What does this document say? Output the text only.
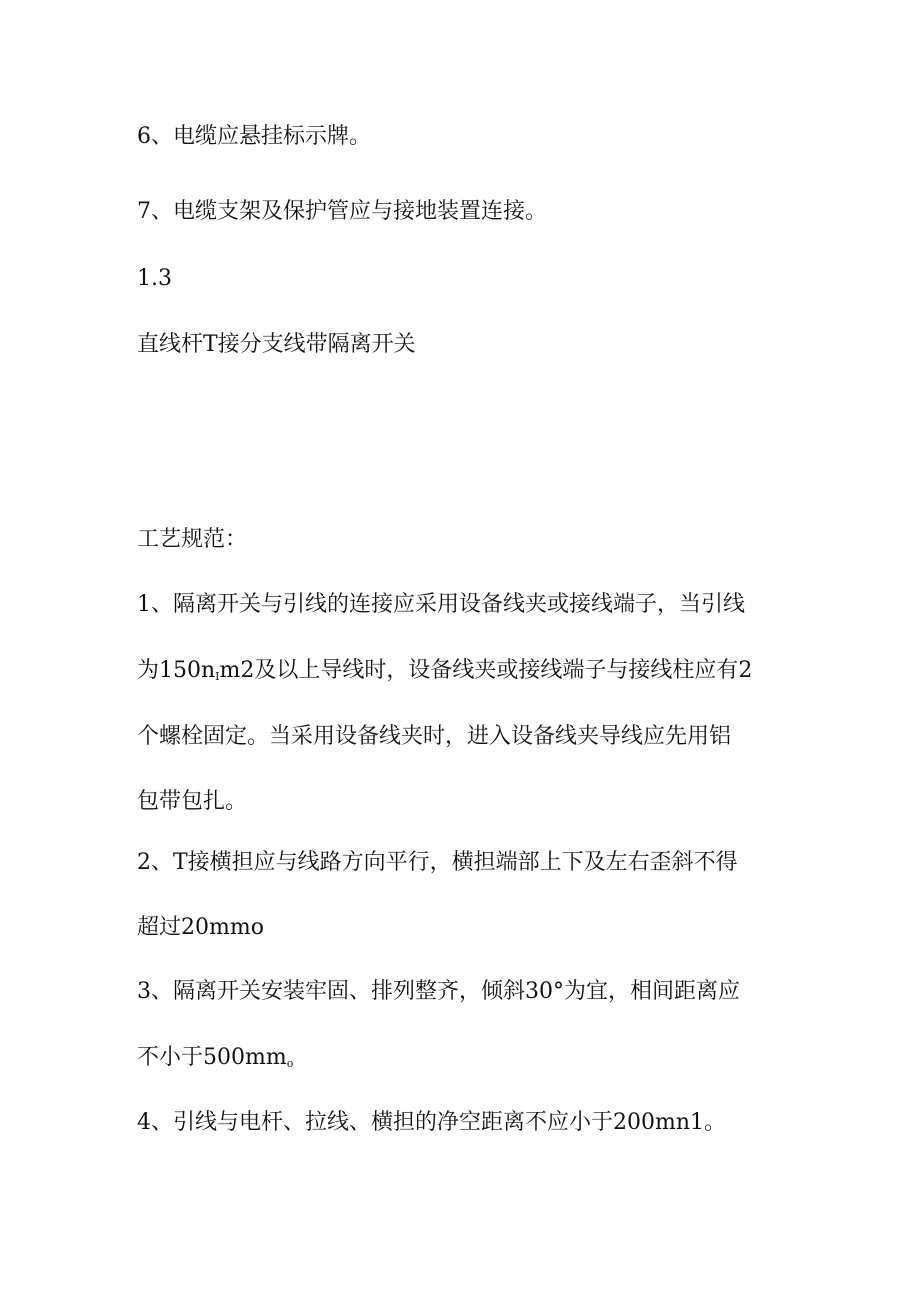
6、电缆应悬挂标示牌。
7、电缆支架及保护管应与接地装置连接。
1.3
直线杆T接分支线带隔离开关
工艺规范：
1、隔离开关与引线的连接应采用设备线夹或接线端子，当引线
为$150n_Im2$及以上导线时，设备线夹或接线端子与接线柱应有2
个螺栓固定。当采用设备线夹时，进入设备线夹导线应先用铝
包带包扎。
2、T接横担应与线路方向平行，横担端部上下及左右歪斜不得
超过20mmo
3、隔离开关安装牢固、排列整齐，倾斜30°为宜，相间距离应
不小于$500mm_o$
4、引线与电杆、拉线、横担的净空距离不应小于200mn1。
